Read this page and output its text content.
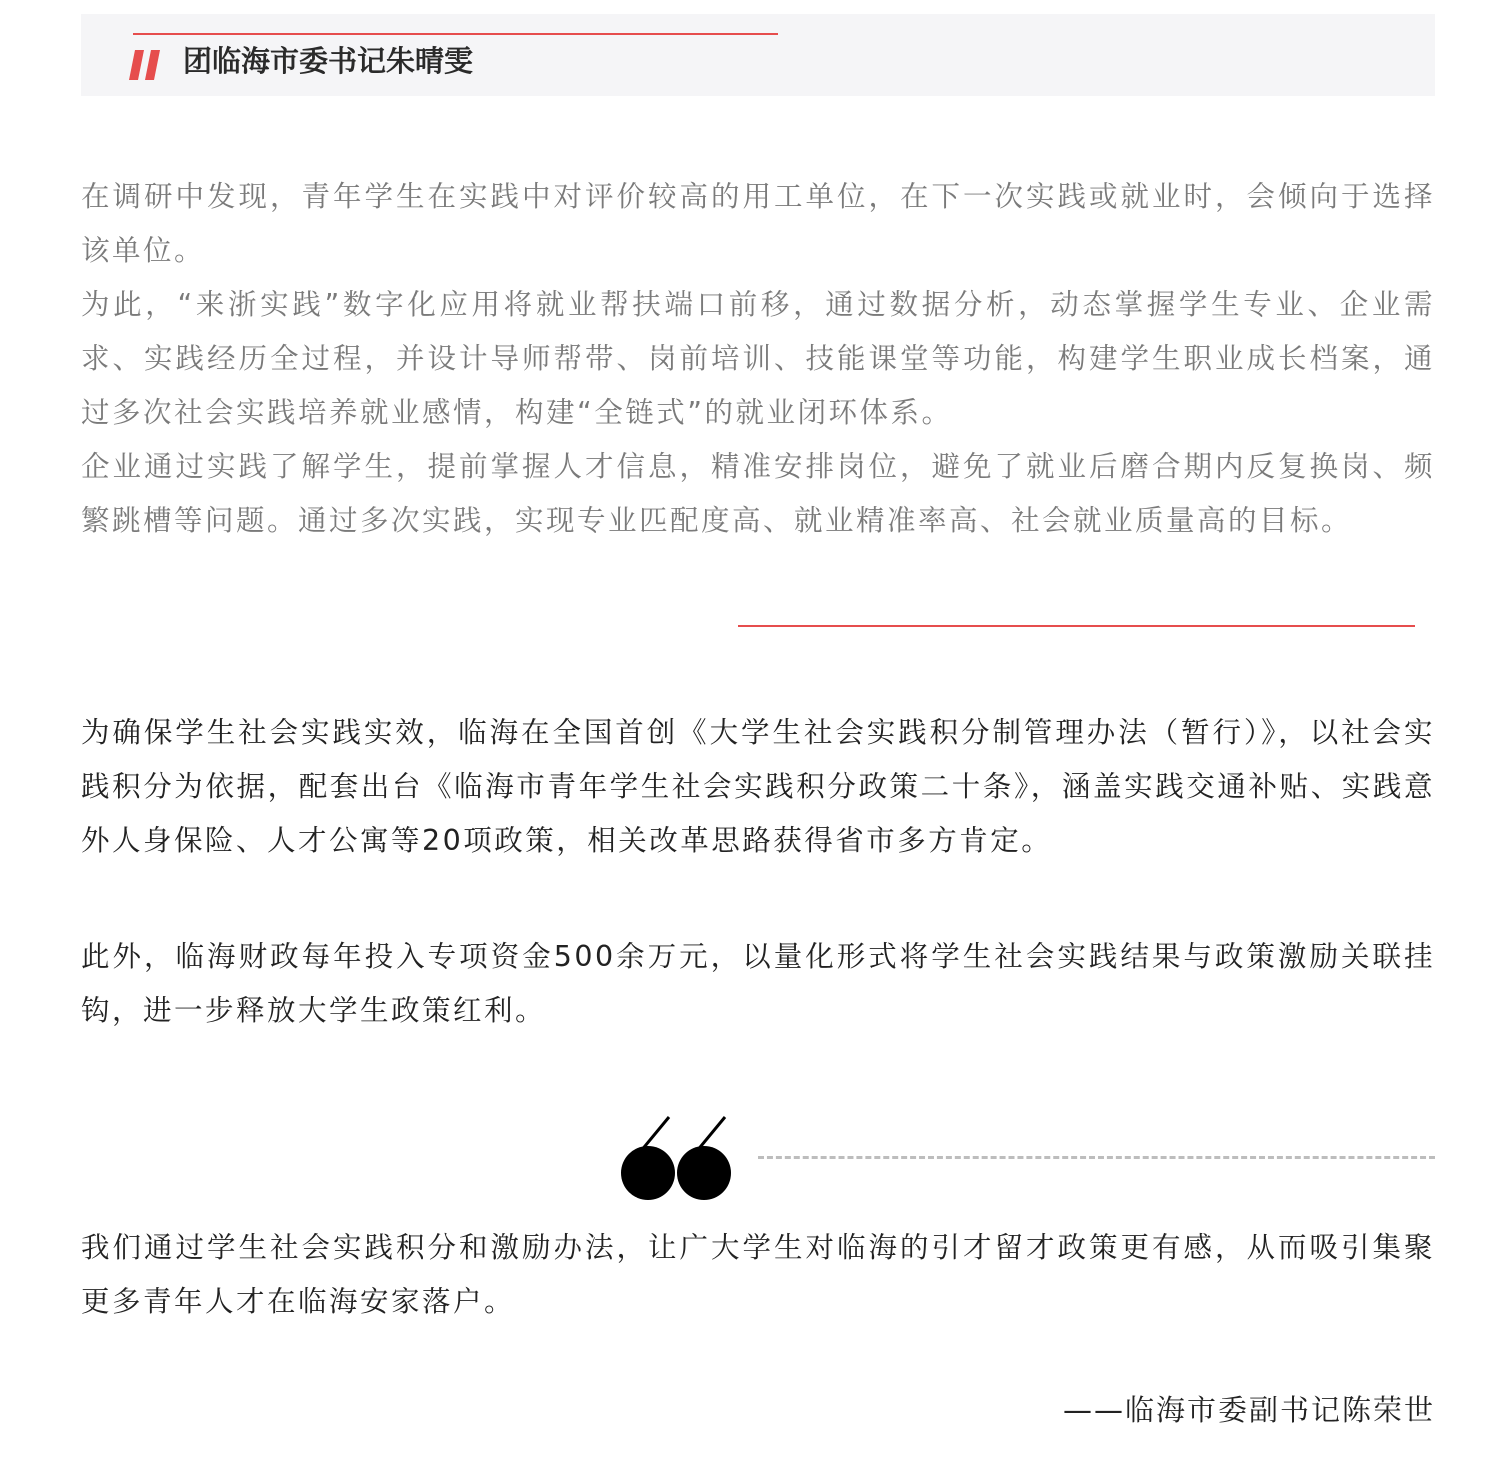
团临海市委书记朱晴雯

在调研中发现，青年学生在实践中对评价较高的用工单位，在下一次实践或就业时，会倾向于选择该单位。

为此，“来浙实践”数字化应用将就业帮扶端口前移，通过数据分析，动态掌握学生专业、企业需求、实践经历全过程，并设计导师帮带、岗前培训、技能课堂等功能，构建学生职业成长档案，通过多次社会实践培养就业感情，构建“全链式”的就业闭环体系。

企业通过实践了解学生，提前掌握人才信息，精准安排岗位，避免了就业后磨合期内反复换岗、频繁跳槽等问题。通过多次实践，实现专业匹配度高、就业精准率高、社会就业质量高的目标。

为确保学生社会实践实效，临海在全国首创《大学生社会实践积分制管理办法（暂行）》，以社会实践积分为依据，配套出台《临海市青年学生社会实践积分政策二十条》，涵盖实践交通补贴、实践意外人身保险、人才公寓等20项政策，相关改革思路获得省市多方肯定。

此外，临海财政每年投入专项资金500余万元，以量化形式将学生社会实践结果与政策激励关联挂钩，进一步释放大学生政策红利。

我们通过学生社会实践积分和激励办法，让广大学生对临海的引才留才政策更有感，从而吸引集聚更多青年人才在临海安家落户。

——临海市委副书记陈荣世
